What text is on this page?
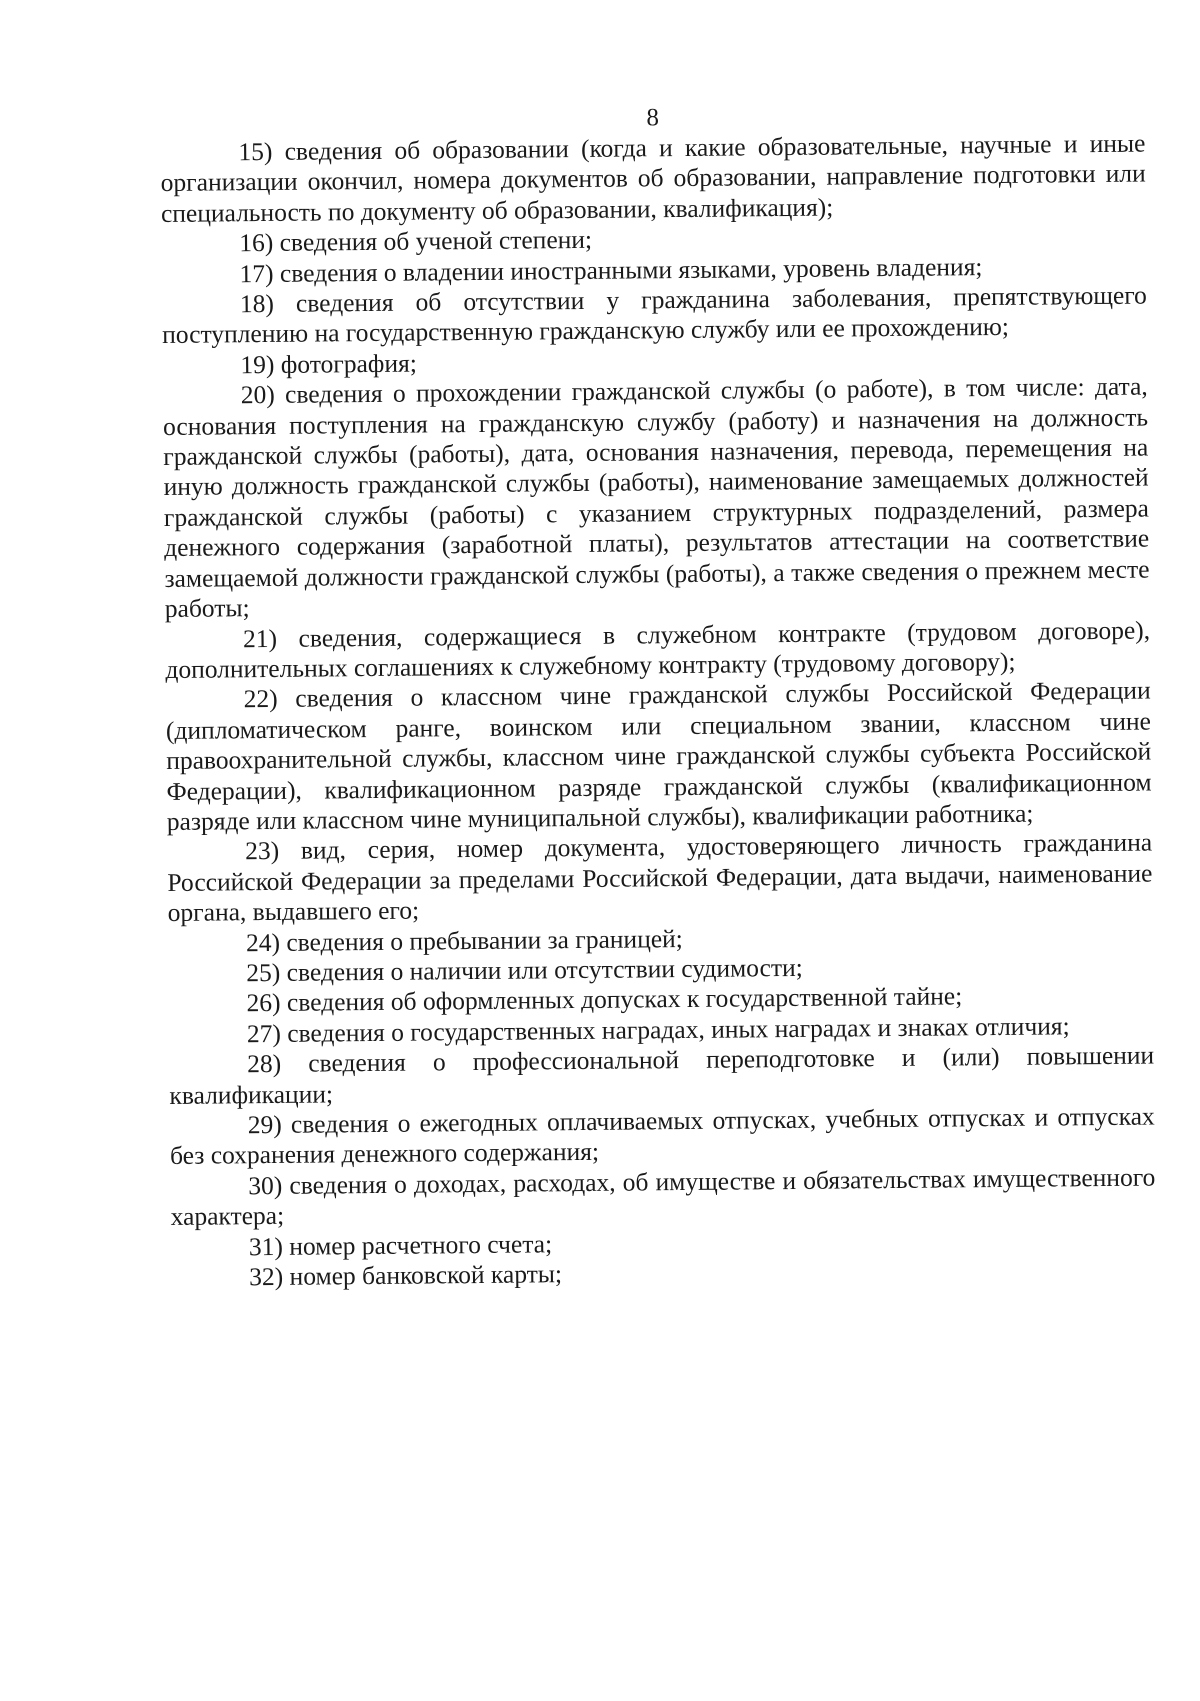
8

15) сведения об образовании (когда и какие образовательные, научные и иные организации окончил, номера документов об образовании, направление подготовки или специальность по документу об образовании, квалификация);

16) сведения об ученой степени;

17) сведения о владении иностранными языками, уровень владения;

18) сведения об отсутствии у гражданина заболевания, препятствующего поступлению на государственную гражданскую службу или ее прохождению;

19) фотография;

20) сведения о прохождении гражданской службы (о работе), в том числе: дата, основания поступления на гражданскую службу (работу) и назначения на должность гражданской службы (работы), дата, основания назначения, перевода, перемещения на иную должность гражданской службы (работы), наименование замещаемых должностей гражданской службы (работы) с указанием структурных подразделений, размера денежного содержания (заработной платы), результатов аттестации на соответствие замещаемой должности гражданской службы (работы), а также сведения о прежнем месте работы;

21) сведения, содержащиеся в служебном контракте (трудовом договоре), дополнительных соглашениях к служебному контракту (трудовому договору);

22) сведения о классном чине гражданской службы Российской Федерации (дипломатическом ранге, воинском или специальном звании, классном чине правоохранительной службы, классном чине гражданской службы субъекта Российской Федерации), квалификационном разряде гражданской службы (квалификационном разряде или классном чине муниципальной службы), квалификации работника;

23) вид, серия, номер документа, удостоверяющего личность гражданина Российской Федерации за пределами Российской Федерации, дата выдачи, наименование органа, выдавшего его;

24) сведения о пребывании за границей;

25) сведения о наличии или отсутствии судимости;

26) сведения об оформленных допусках к государственной тайне;

27) сведения о государственных наградах, иных наградах и знаках отличия;

28) сведения о профессиональной переподготовке и (или) повышении квалификации;

29) сведения о ежегодных оплачиваемых отпусках, учебных отпусках и отпусках без сохранения денежного содержания;

30) сведения о доходах, расходах, об имуществе и обязательствах имущественного характера;

31) номер расчетного счета;

32) номер банковской карты;
